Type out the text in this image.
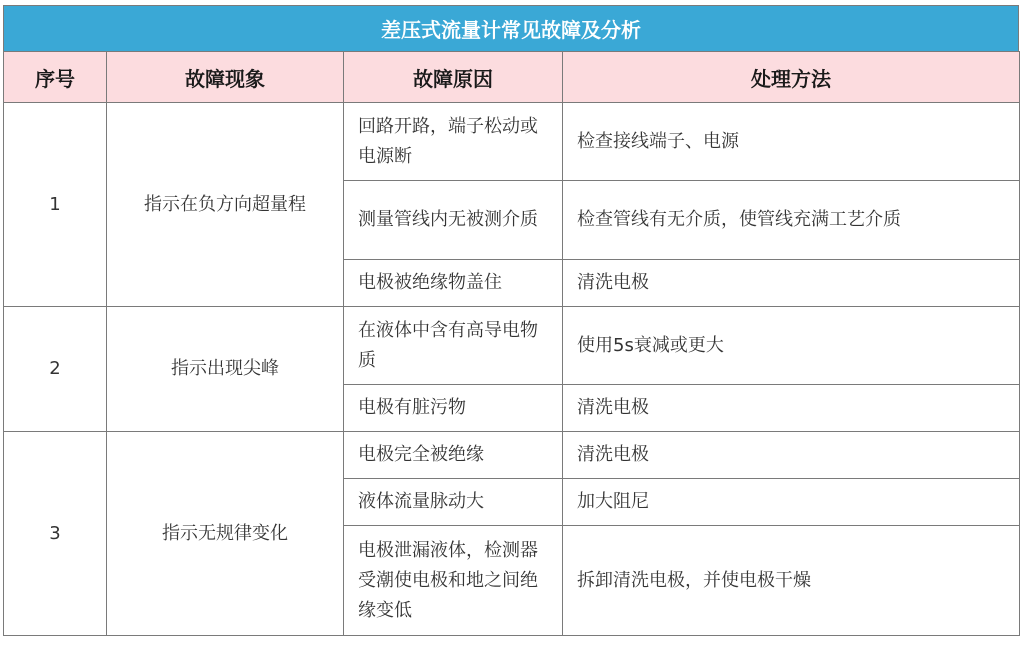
差压式流量计常见故障及分析
序号	故障现象	故障原因	处理方法
1	指示在负方向超量程	回路开路，端子松动或电源断	检查接线端子、电源
		测量管线内无被测介质	检查管线有无介质，使管线充满工艺介质
		电极被绝缘物盖住	清洗电极
2	指示出现尖峰	在液体中含有高导电物质	使用5s衰减或更大
		电极有脏污物	清洗电极
3	指示无规律变化	电极完全被绝缘	清洗电极
		液体流量脉动大	加大阻尼
		电极泄漏液体，检测器受潮使电极和地之间绝缘变低	拆卸清洗电极，并使电极干燥
